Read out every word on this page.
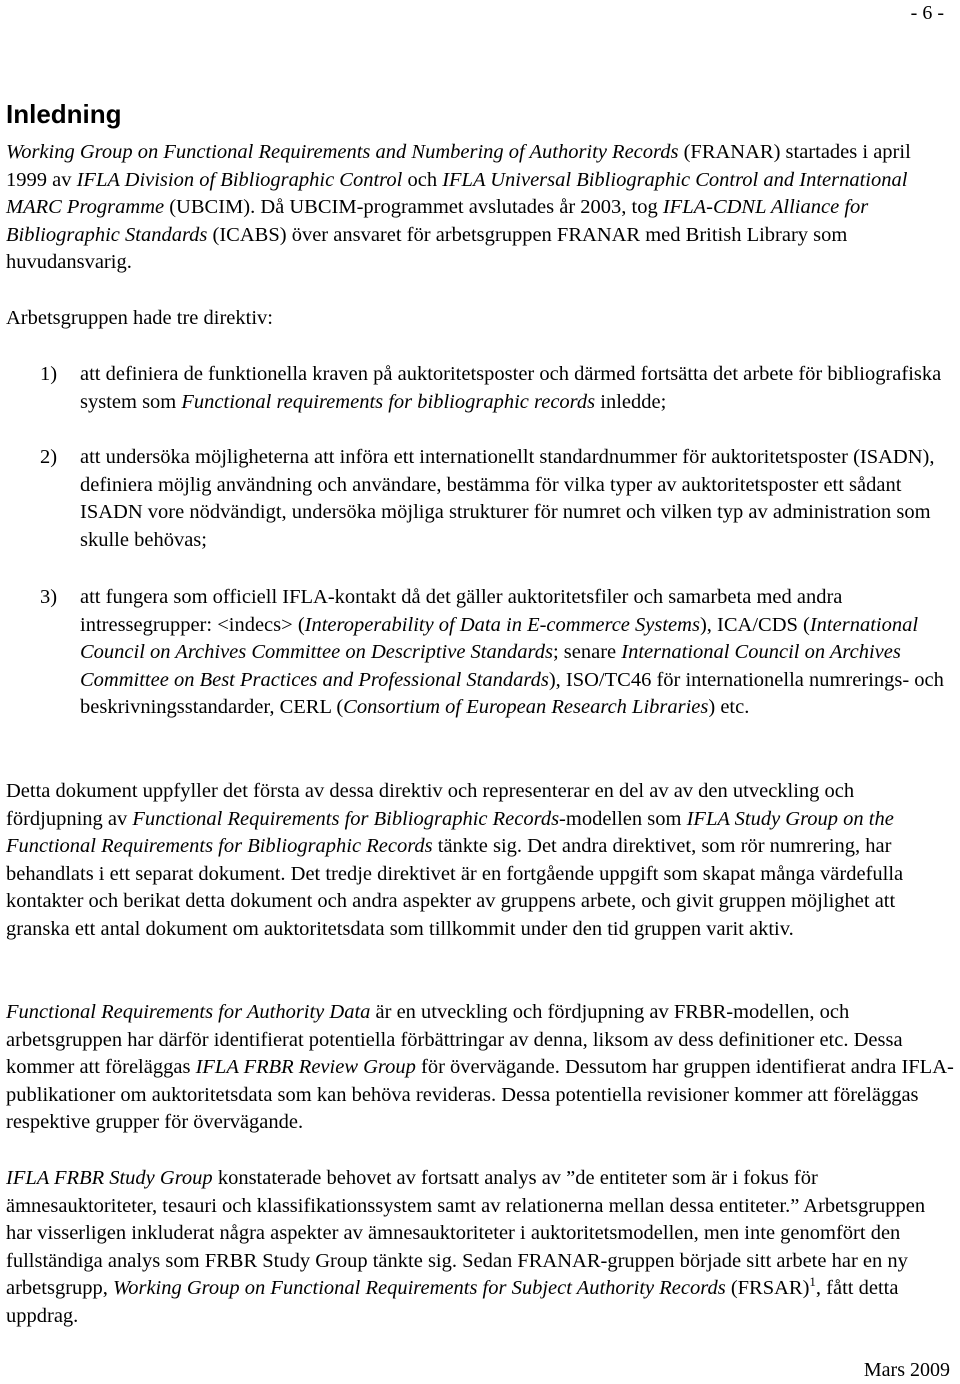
- 6 -
Inledning

Working Group on Functional Requirements and Numbering of Authority Records (FRANAR) startades i april 1999 av IFLA Division of Bibliographic Control och IFLA Universal Bibliographic Control and International MARC Programme (UBCIM). Då UBCIM-programmet avslutades år 2003, tog IFLA-CDNL Alliance for Bibliographic Standards (ICABS) över ansvaret för arbetsgruppen FRANAR med British Library som huvudansvarig.

Arbetsgruppen hade tre direktiv:

1) att definiera de funktionella kraven på auktoritetsposter och därmed fortsätta det arbete för bibliografiska system som Functional requirements for bibliographic records inledde;
2) att undersöka möjligheterna att införa ett internationellt standardnummer för auktoritetsposter (ISADN), definiera möjlig användning och användare, bestämma för vilka typer av auktoritetsposter ett sådant ISADN vore nödvändigt, undersöka möjliga strukturer för numret och vilken typ av administration som skulle behövas;
3) att fungera som officiell IFLA-kontakt då det gäller auktoritetsfiler och samarbeta med andra intressegrupper: <indecs> (Interoperability of Data in E-commerce Systems), ICA/CDS (International Council on Archives Committee on Descriptive Standards; senare International Council on Archives Committee on Best Practices and Professional Standards), ISO/TC46 för internationella numrerings- och beskrivningsstandarder, CERL (Consortium of European Research Libraries) etc.

Detta dokument uppfyller det första av dessa direktiv och representerar en del av av den utveckling och fördjupning av Functional Requirements for Bibliographic Records-modellen som IFLA Study Group on the Functional Requirements for Bibliographic Records tänkte sig. Det andra direktivet, som rör numrering, har behandlats i ett separat dokument. Det tredje direktivet är en fortgående uppgift som skapat många värdefulla kontakter och berikat detta dokument och andra aspekter av gruppens arbete, och givit gruppen möjlighet att granska ett antal dokument om auktoritetsdata som tillkommit under den tid gruppen varit aktiv.

Functional Requirements for Authority Data är en utveckling och fördjupning av FRBR-modellen, och arbetsgruppen har därför identifierat potentiella förbättringar av denna, liksom av dess definitioner etc. Dessa kommer att föreläggas IFLA FRBR Review Group för övervägande. Dessutom har gruppen identifierat andra IFLA-publikationer om auktoritetsdata som kan behöva revideras. Dessa potentiella revisioner kommer att föreläggas respektive grupper för övervägande.

IFLA FRBR Study Group konstaterade behovet av fortsatt analys av ”de entiteter som är i fokus för ämnesauktoriteter, tesauri och klassifikationssystem samt av relationerna mellan dessa entiteter.” Arbetsgruppen har visserligen inkluderat några aspekter av ämnesauktoriteter i auktoritetsmodellen, men inte genomfört den fullständiga analys som FRBR Study Group tänkte sig. Sedan FRANAR-gruppen började sitt arbete har en ny arbetsgrupp, Working Group on Functional Requirements for Subject Authority Records (FRSAR)$^1$, fått detta uppdrag.

Mars 2009
